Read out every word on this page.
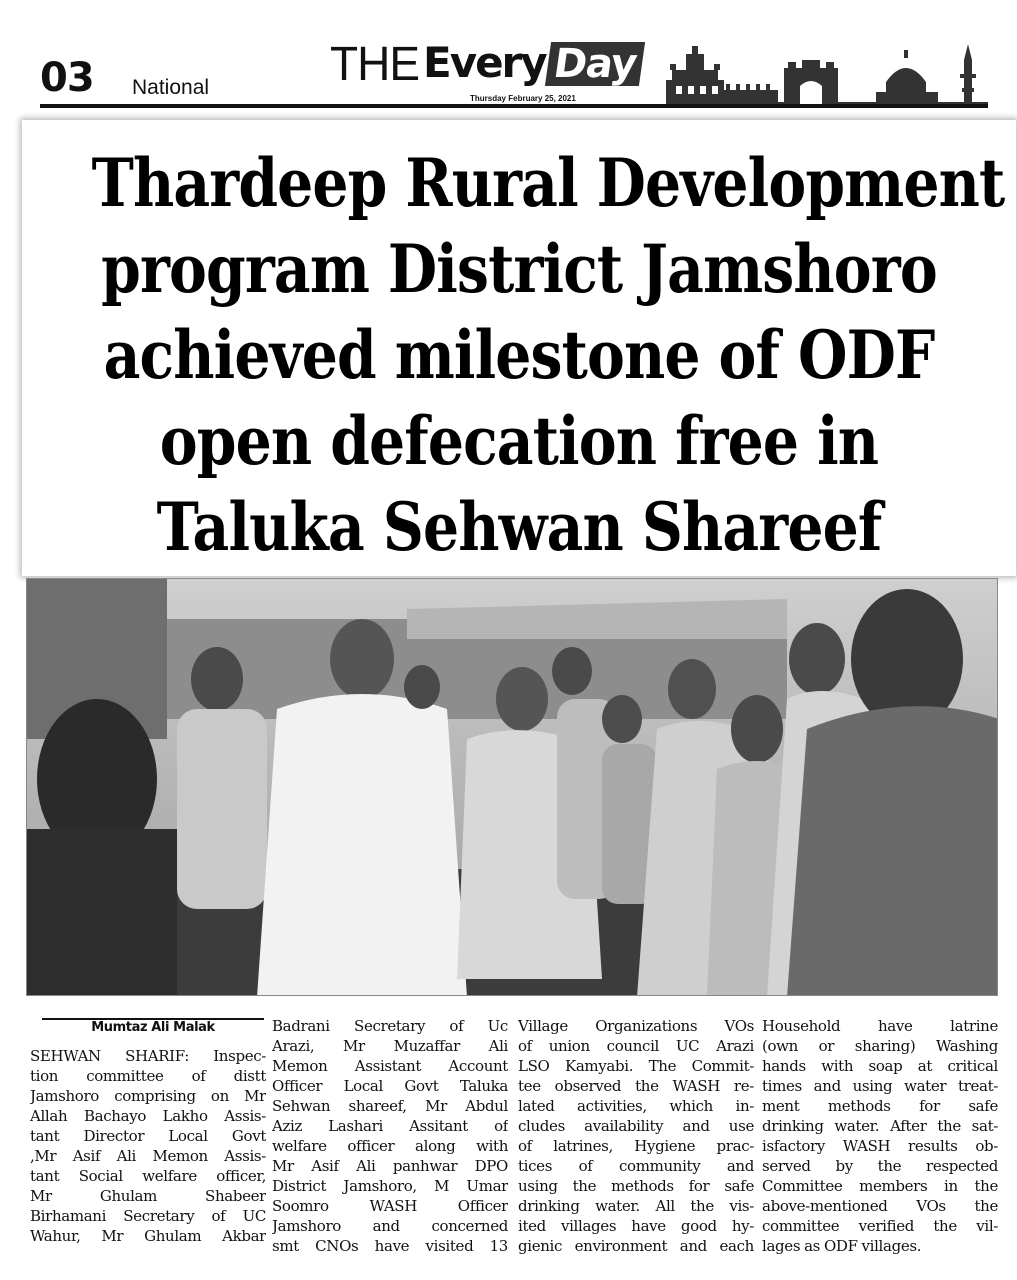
03 National	THE Every Day
Thursday February 25, 2021
Thardeep Rural Development
program District Jamshoro
achieved milestone of ODF
open defecation free in
Taluka Sehwan Shareef
Mumtaz Ali Malak

SEHWAN SHARIF: Inspec-

tion committee of distt

Jamshoro comprising on Mr

Allah Bachayo Lakho Assis-

tant Director Local Govt

,Mr Asif Ali Memon Assis-

tant Social welfare officer,

Mr Ghulam Shabeer

Birhamani Secretary of UC

Wahur, Mr Ghulam Akbar

Badrani Secretary of Uc

Arazi, Mr Muzaffar Ali

Memon Assistant Account

Officer Local Govt Taluka

Sehwan shareef, Mr Abdul

Aziz Lashari Assitant of

welfare officer along with

Mr Asif Ali panhwar DPO

District Jamshoro, M Umar

Soomro WASH Officer

Jamshoro and concerned

smt CNOs have visited 13

Village Organizations VOs

of union council UC Arazi

LSO Kamyabi. The Commit-

tee observed the WASH re-

lated activities, which in-

cludes availability and use

of latrines, Hygiene prac-

tices of community and

using the methods for safe

drinking water. All the vis-

ited villages have good hy-

gienic environment and each

Household have latrine

(own or sharing) Washing

hands with soap at critical

times and using water treat-

ment methods for safe

drinking water. After the sat-

isfactory WASH results ob-

served by the respected

Committee members in the

above-mentioned VOs the

committee verified the vil-

lages as ODF villages.
